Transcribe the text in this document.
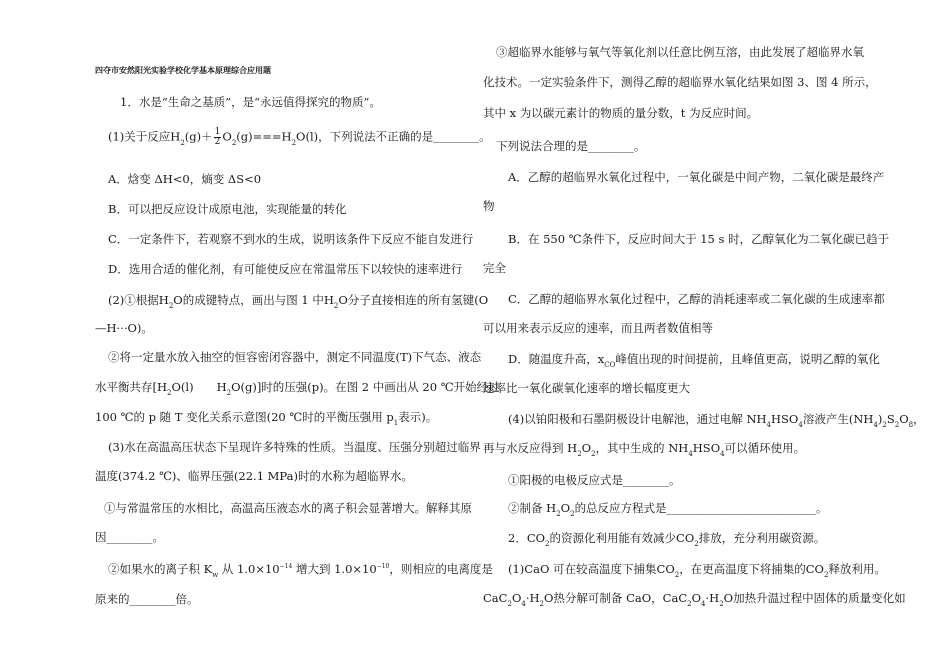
四夺市安然阳光实验学校化学基本原理综合应用题
1．水是“生命之基质”，是“永远值得探究的物质”。
(1)关于反应$H_2(g)+ \frac{1}{2} O_2(g)===H_2O(l)$，下列说法不正确的是________。
A．焓变 ΔH<0，熵变 ΔS<0
B．可以把反应设计成原电池，实现能量的转化
C．一定条件下，若观察不到水的生成，说明该条件下反应不能自发进行
D．选用合适的催化剂，有可能使反应在常温常压下以较快的速率进行
(2)①根据$H_2O$的成键特点，画出与图 1 中$H_2O$分子直接相连的所有氢键(O
—H···O)。
②将一定量水放入抽空的恒容密闭容器中，测定不同温度(T)下气态、液态
水平衡共存[$H_2O(l)$　　$H_2O(g)$]时的压强(p)。在图 2 中画出从 20 ℃开始经过
100 ℃的 p 随 T 变化关系示意图(20 ℃时的平衡压强用 $p_1$表示)。
(3)水在高温高压状态下呈现许多特殊的性质。当温度、压强分别超过临界
温度(374.2 ℃)、临界压强(22.1 MPa)时的水称为超临界水。
①与常温常压的水相比，高温高压液态水的离子积会显著增大。解释其原
因________。
②如果水的离子积 $K_w$ 从 $1.0\times 10^{-14}$ 增大到 $1.0\times 10^{-10}$，则相应的电离度是
原来的________倍。
③超临界水能够与氧气等氧化剂以任意比例互溶，由此发展了超临界水氧
化技术。一定实验条件下，测得乙醇的超临界水氧化结果如图 3、图 4 所示，
其中 x 为以碳元素计的物质的量分数，t 为反应时间。
下列说法合理的是________。
A．乙醇的超临界水氧化过程中，一氧化碳是中间产物，二氧化碳是最终产
物
B．在 550 ℃条件下，反应时间大于 15 s 时，乙醇氧化为二氧化碳已趋于
完全
C．乙醇的超临界水氧化过程中，乙醇的消耗速率或二氧化碳的生成速率都
可以用来表示反应的速率，而且两者数值相等
D．随温度升高，$x_{CO}$峰值出现的时间提前，且峰值更高，说明乙醇的氧化
速率比一氧化碳氧化速率的增长幅度更大
(4)以铂阳极和石墨阴极设计电解池，通过电解 $NH_4HSO_4$溶液产生$(NH_4)_2S_2O_8$，
再与水反应得到 $H_2O_2$，其中生成的 $NH_4HSO_4$可以循环使用。
①阳极的电极反应式是________。
②制备 $H_2O_2$的总反应方程式是__________________________。
2．$CO_2$的资源化利用能有效减少$CO_2$排放，充分利用碳资源。
(1)CaO 可在较高温度下捕集$CO_2$，在更高温度下将捕集的$CO_2$释放利用。
$CaC_2O_4\cdot H_2O$热分解可制备 CaO，$CaC_2O_4\cdot H_2O$加热升温过程中固体的质量变化如
